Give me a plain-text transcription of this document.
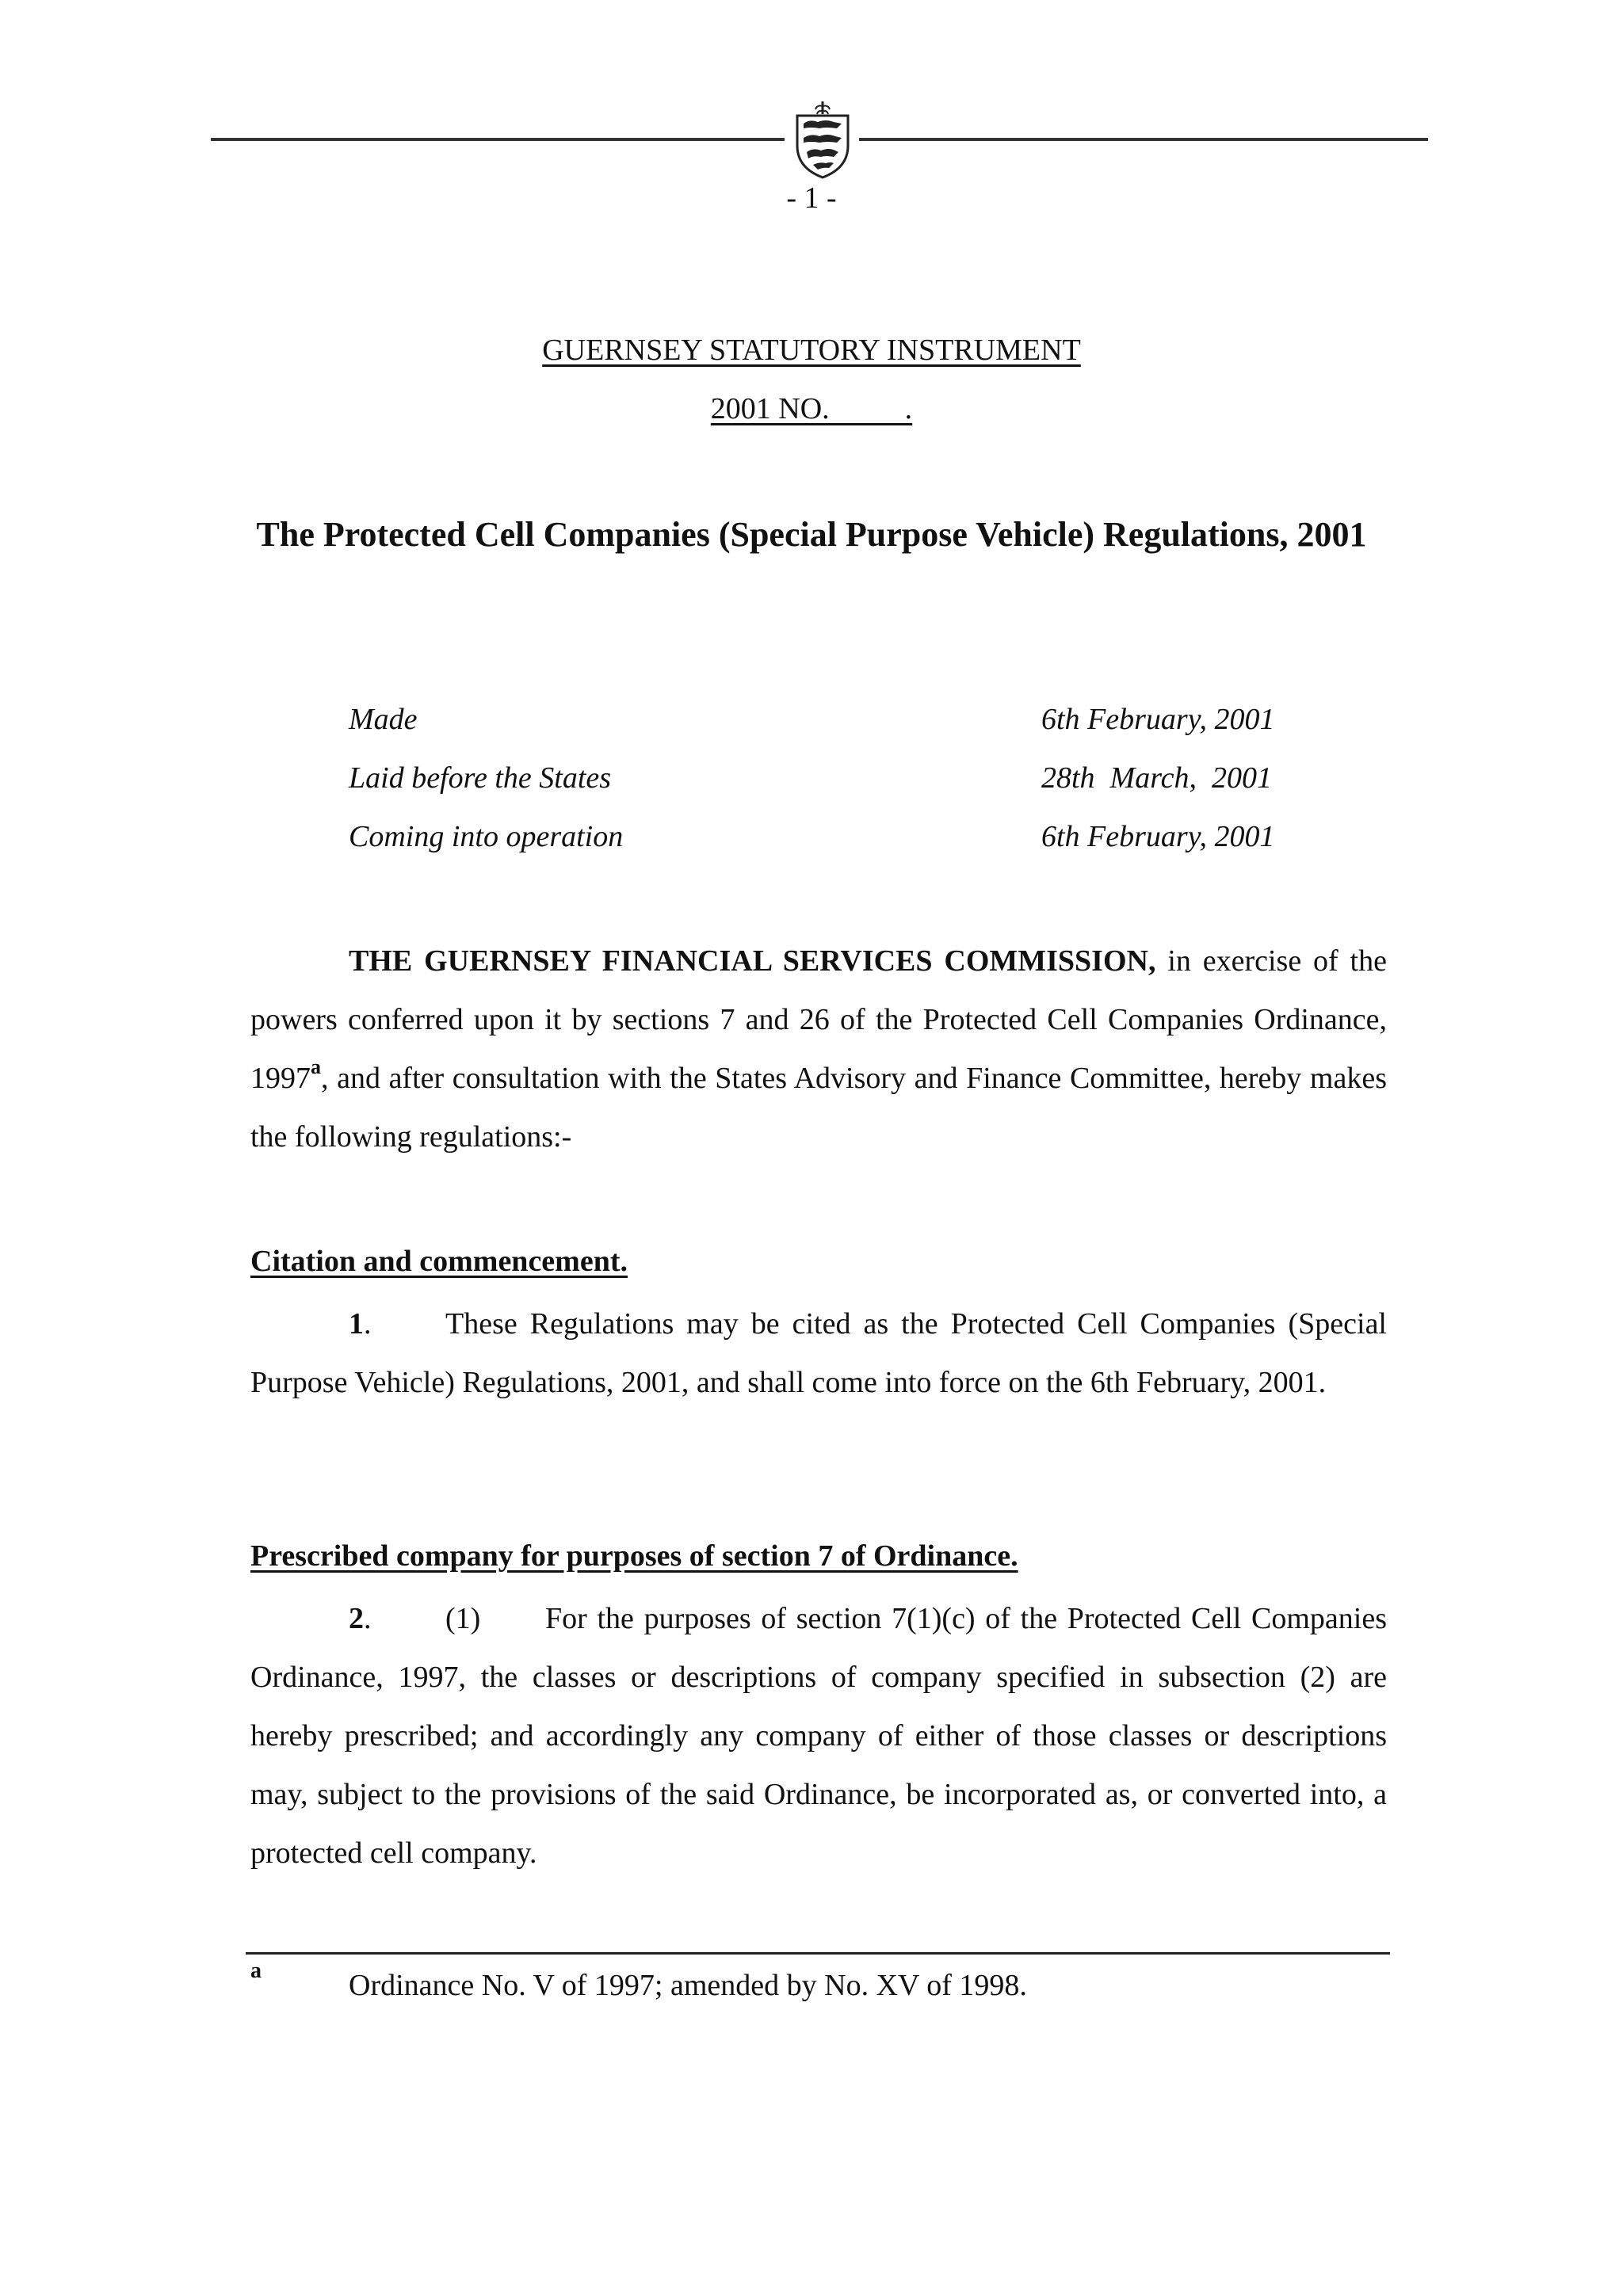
- 1 -
GUERNSEY STATUTORY INSTRUMENT
2001 NO.          .
The Protected Cell Companies (Special Purpose Vehicle) Regulations, 2001
Made	6th February, 2001
Laid before the States	28th  March,  2001
Coming into operation	6th February, 2001
THE GUERNSEY FINANCIAL SERVICES COMMISSION, in exercise of the powers conferred upon it by sections 7 and 26 of the Protected Cell Companies Ordinance, 1997$^a$, and after consultation with the States Advisory and Finance Committee, hereby makes the following regulations:-
Citation and commencement.
1. These Regulations may be cited as the Protected Cell Companies (Special Purpose Vehicle) Regulations, 2001, and shall come into force on the 6th February, 2001.
Prescribed company for purposes of section 7 of Ordinance.
2. (1) For the purposes of section 7(1)(c) of the Protected Cell Companies Ordinance, 1997, the classes or descriptions of company specified in subsection (2) are hereby prescribed; and accordingly any company of either of those classes or descriptions may, subject to the provisions of the said Ordinance, be incorporated as, or converted into, a protected cell company.
a	Ordinance No. V of 1997; amended by No. XV of 1998.
